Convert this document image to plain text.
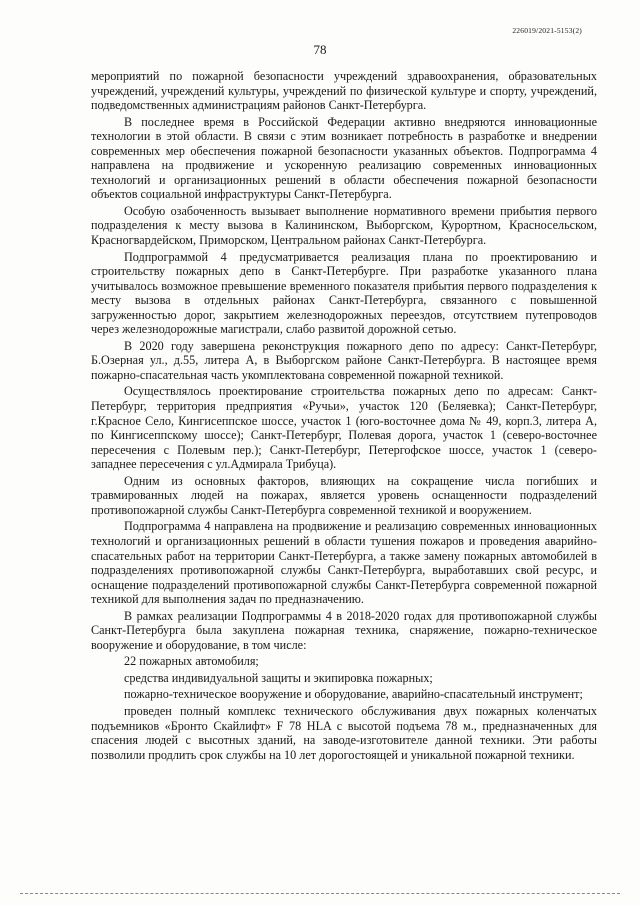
226019/2021-5153(2)
78

мероприятий по пожарной безопасности учреждений здравоохранения, образовательных учреждений, учреждений культуры, учреждений по физической культуре и спорту, учреждений, подведомственных администрациям районов Санкт-Петербурга.

В последнее время в Российской Федерации активно внедряются инновационные технологии в этой области. В связи с этим возникает потребность в разработке и внедрении современных мер обеспечения пожарной безопасности указанных объектов. Подпрограмма 4 направлена на продвижение и ускоренную реализацию современных инновационных технологий и организационных решений в области обеспечения пожарной безопасности объектов социальной инфраструктуры Санкт-Петербурга.

Особую озабоченность вызывает выполнение нормативного времени прибытия первого подразделения к месту вызова в Калининском, Выборгском, Курортном, Красносельском, Красногвардейском, Приморском, Центральном районах Санкт-Петербурга.

Подпрограммой 4 предусматривается реализация плана по проектированию и строительству пожарных депо в Санкт-Петербурге. При разработке указанного плана учитывалось возможное превышение временного показателя прибытия первого подразделения к месту вызова в отдельных районах Санкт-Петербурга, связанного с повышенной загруженностью дорог, закрытием железнодорожных переездов, отсутствием путепроводов через железнодорожные магистрали, слабо развитой дорожной сетью.

В 2020 году завершена реконструкция пожарного депо по адресу: Санкт-Петербург, Б.Озерная ул., д.55, литера А, в Выборгском районе Санкт-Петербурга. В настоящее время пожарно-спасательная часть укомплектована современной пожарной техникой.

Осуществлялось проектирование строительства пожарных депо по адресам: Санкт-Петербург, территория предприятия «Ручьи», участок 120 (Беляевка); Санкт-Петербург, г.Красное Село, Кингисеппское шоссе, участок 1 (юго-восточнее дома № 49, корп.3, литера А, по Кингисеппскому шоссе); Санкт-Петербург, Полевая дорога, участок 1 (северо-восточнее пересечения с Полевым пер.); Санкт-Петербург, Петергофское шоссе, участок 1 (северо-западнее пересечения с ул.Адмирала Трибуца).

Одним из основных факторов, влияющих на сокращение числа погибших и травмированных людей на пожарах, является уровень оснащенности подразделений противопожарной службы Санкт-Петербурга современной техникой и вооружением.

Подпрограмма 4 направлена на продвижение и реализацию современных инновационных технологий и организационных решений в области тушения пожаров и проведения аварийно-спасательных работ на территории Санкт-Петербурга, а также замену пожарных автомобилей в подразделениях противопожарной службы Санкт-Петербурга, выработавших свой ресурс, и оснащение подразделений противопожарной службы Санкт-Петербурга современной пожарной техникой для выполнения задач по предназначению.

В рамках реализации Подпрограммы 4 в 2018-2020 годах для противопожарной службы Санкт-Петербурга была закуплена пожарная техника, снаряжение, пожарно-техническое вооружение и оборудование, в том числе:

22 пожарных автомобиля;

средства индивидуальной защиты и экипировка пожарных;

пожарно-техническое вооружение и оборудование, аварийно-спасательный инструмент;

проведен полный комплекс технического обслуживания двух пожарных коленчатых подъемников «Бронто Скайлифт» F 78 HLA с высотой подъема 78 м., предназначенных для спасения людей с высотных зданий, на заводе-изготовителе данной техники. Эти работы позволили продлить срок службы на 10 лет дорогостоящей и уникальной пожарной техники.
